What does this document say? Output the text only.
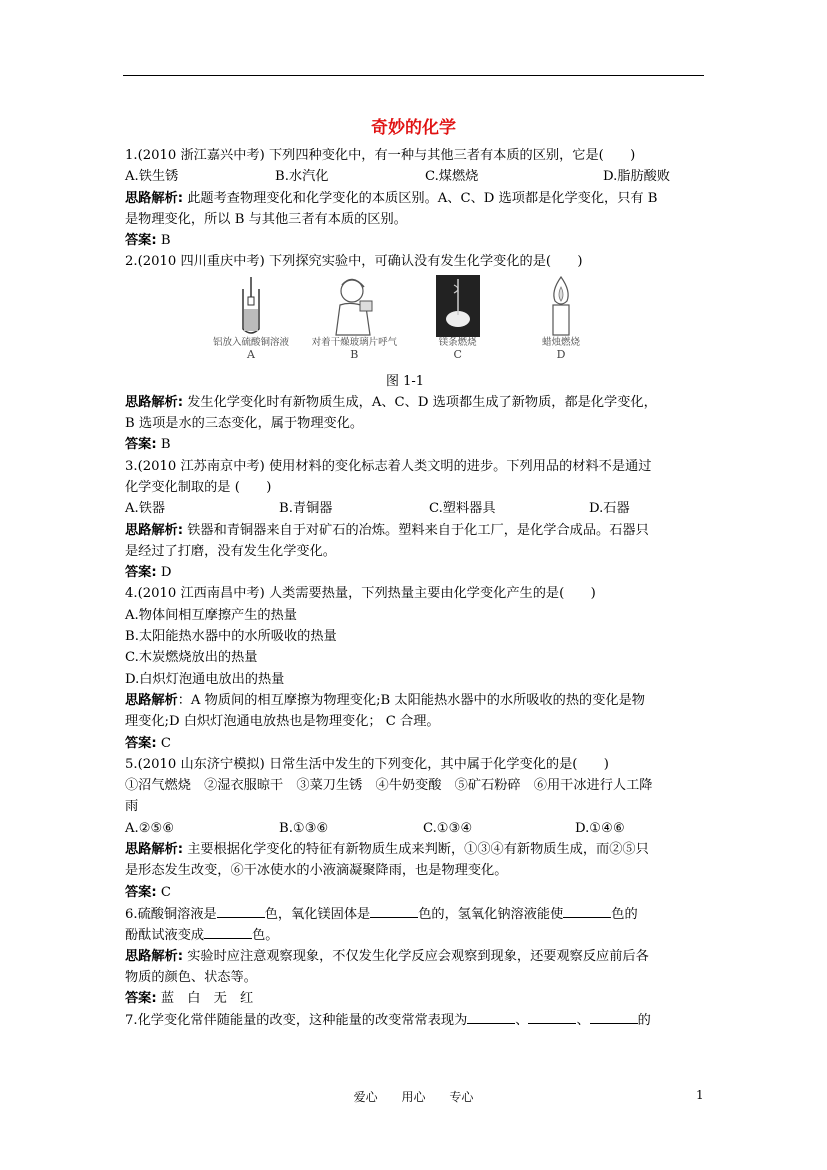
奇妙的化学
1.(2010 浙江嘉兴中考) 下列四种变化中，有一种与其他三者有本质的区别，它是(　　)
A.铁生锈	B.水汽化	C.煤燃烧	D.脂肪酸败
思路解析: 此题考查物理变化和化学变化的本质区别。A、C、D 选项都是化学变化，只有 B
是物理变化，所以 B 与其他三者有本质的区别。
答案: B
2.(2010 四川重庆中考) 下列探究实验中，可确认没有发生化学变化的是(　　)
铝放入硫酸铜溶液
A
对着干燥玻璃片呼气
B
镁条燃烧
C
蜡烛燃烧
D
图 1-1
思路解析: 发生化学变化时有新物质生成，A、C、D 选项都生成了新物质，都是化学变化，
B 选项是水的三态变化，属于物理变化。
答案: B
3.(2010 江苏南京中考) 使用材料的变化标志着人类文明的进步。下列用品的材料不是通过
化学变化制取的是 (　　)
A.铁器	B.青铜器	C.塑料器具	D.石器
思路解析: 铁器和青铜器来自于对矿石的冶炼。塑料来自于化工厂，是化学合成品。石器只
是经过了打磨，没有发生化学变化。
答案: D
4.(2010 江西南昌中考) 人类需要热量，下列热量主要由化学变化产生的是(　　)
A.物体间相互摩擦产生的热量
B.太阳能热水器中的水所吸收的热量
C.木炭燃烧放出的热量
D.白炽灯泡通电放出的热量
思路解析：A 物质间的相互摩擦为物理变化;B 太阳能热水器中的水所吸收的热的变化是物
理变化;D 白炽灯泡通电放热也是物理变化； C 合理。
答案: C
5.(2010 山东济宁模拟) 日常生活中发生的下列变化，其中属于化学变化的是(　　)
①沼气燃烧　②湿衣服晾干　③菜刀生锈　④牛奶变酸　⑤矿石粉碎　⑥用干冰进行人工降
雨
A.②⑤⑥	B.①③⑥	C.①③④	D.①④⑥
思路解析: 主要根据化学变化的特征有新物质生成来判断，①③④有新物质生成，而②⑤只
是形态发生改变，⑥干冰使水的小液滴凝聚降雨，也是物理变化。
答案: C
6.硫酸铜溶液是	色，氧化镁固体是	色的，氢氧化钠溶液能使	色的
酚酞试液变成	色。
思路解析: 实验时应注意观察现象，不仅发生化学反应会观察到现象，还要观察反应前后各
物质的颜色、状态等。
答案: 蓝　白　无　红
7.化学变化常伴随能量的改变，这种能量的改变常常表现为	、	、	的
爱心 用心 专心	1
